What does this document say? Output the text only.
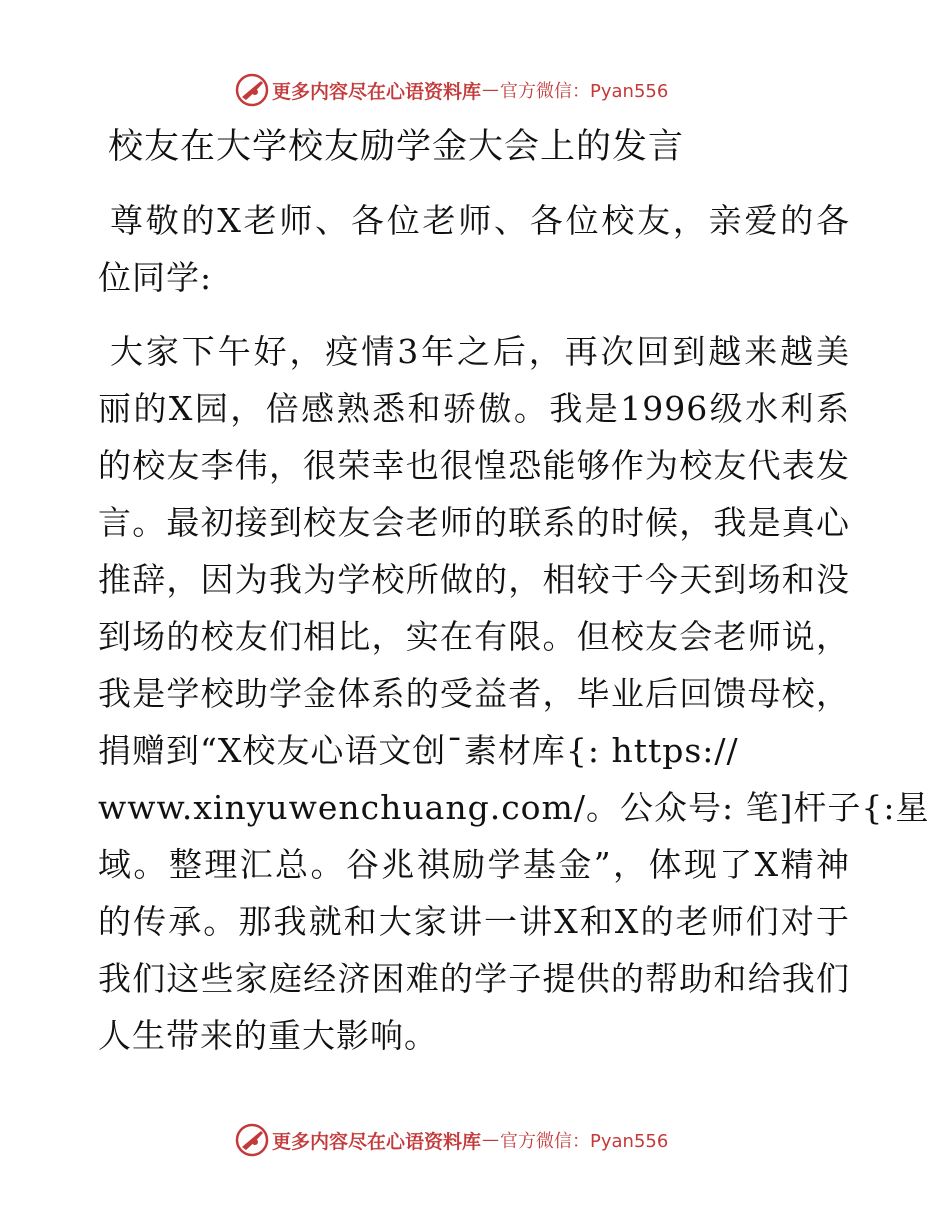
更多内容尽在心语资料库 — 官方微信：Pyan556
校友在大学校友励学金大会上的发言
尊敬的X老师、各位老师、各位校友，亲爱的各
位同学:
大家下午好，疫情3年之后，再次回到越来越美
丽的X园，倍感熟悉和骄傲。我是1996级水利系
的校友李伟，很荣幸也很惶恐能够作为校友代表发
言。最初接到校友会老师的联系的时候，我是真心
推辞，因为我为学校所做的，相较于今天到场和没
到场的校友们相比，实在有限。但校友会老师说，
我是学校助学金体系的受益者，毕业后回馈母校，
捐赠到“X校友心语文创¯素材库{: https://
www.xinyuwenchuang.com/。公众号: 笔]杆子{:星
域。整理汇总。谷兆祺励学基金”，体现了X精神
的传承。那我就和大家讲一讲X和X的老师们对于
我们这些家庭经济困难的学子提供的帮助和给我们
人生带来的重大影响。
更多内容尽在心语资料库 — 官方微信：Pyan556
